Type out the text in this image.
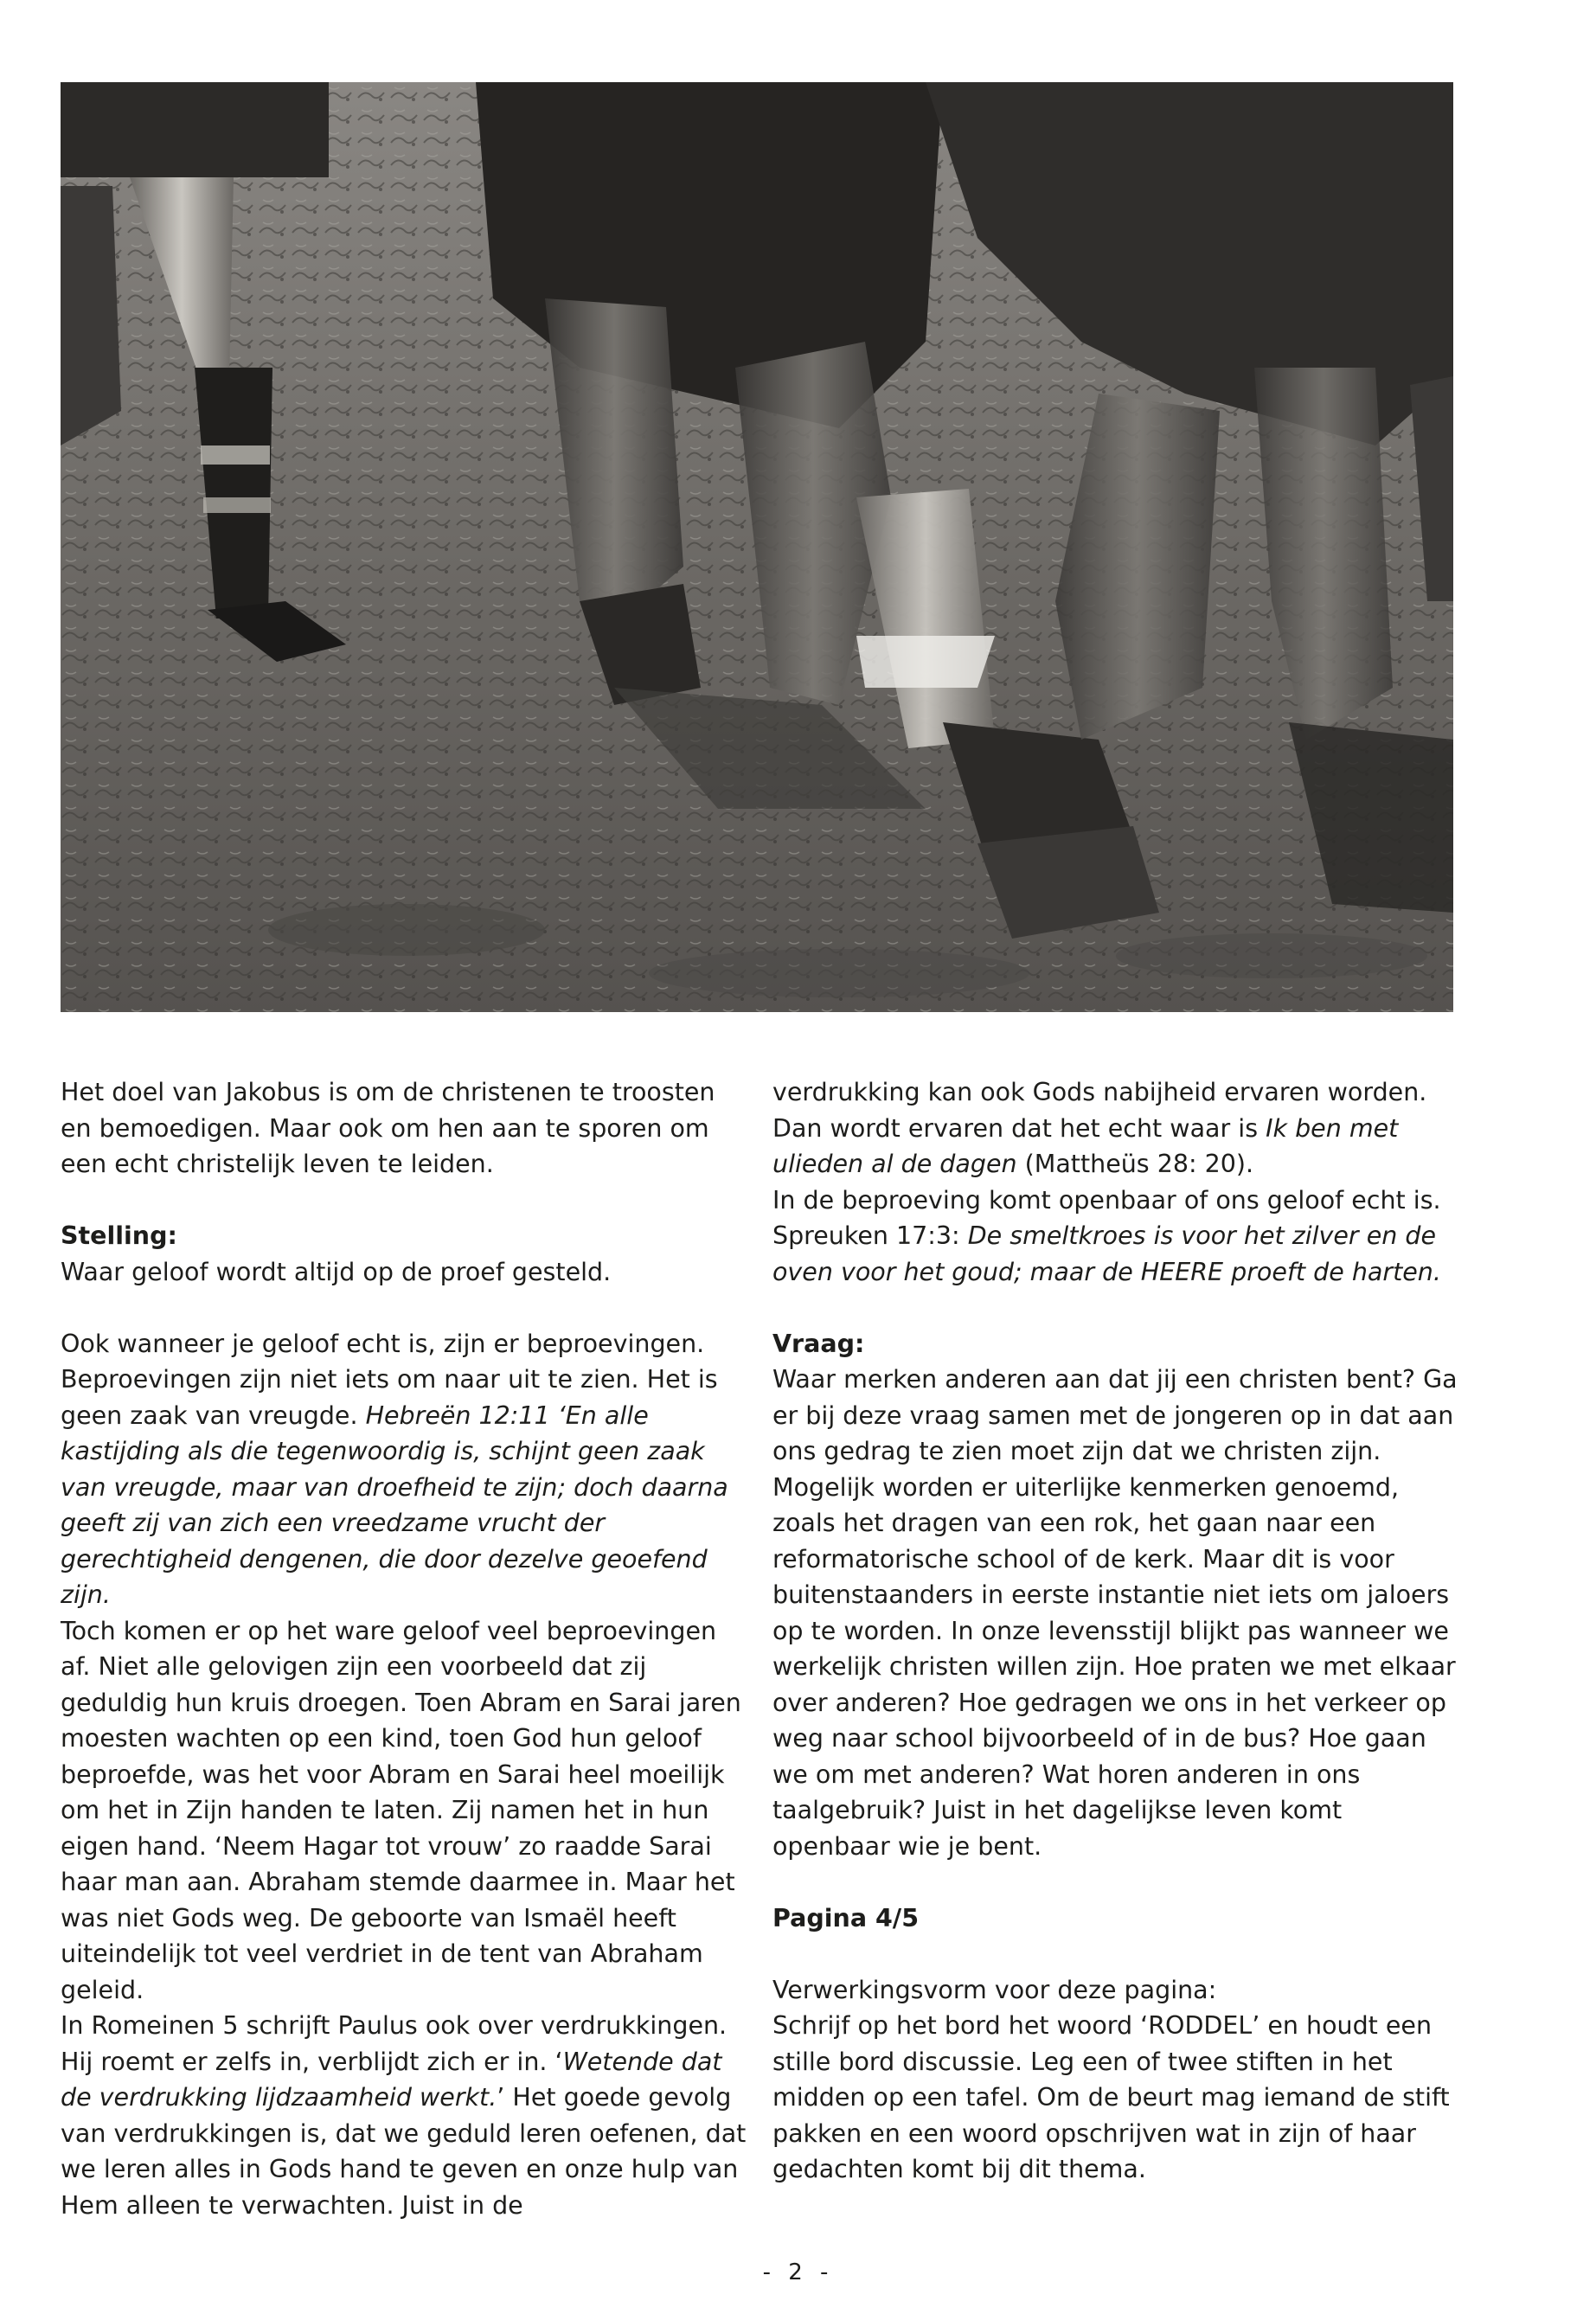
Het doel van Jakobus is om de christenen te troosten en bemoedigen. Maar ook om hen aan te sporen om een echt christelijk leven te leiden.

Stelling:

Waar geloof wordt altijd op de proef gesteld.

Ook wanneer je geloof echt is, zijn er beproevingen. Beproevingen zijn niet iets om naar uit te zien. Het is geen zaak van vreugde. Hebreën 12:11 ‘En alle kastijding als die tegenwoordig is, schijnt geen zaak van vreugde, maar van droefheid te zijn; doch daarna geeft zij van zich een vreedzame vrucht der gerechtigheid dengenen, die door dezelve geoefend zijn.

Toch komen er op het ware geloof veel beproevingen af. Niet alle gelovigen zijn een voorbeeld dat zij geduldig hun kruis droegen. Toen Abram en Sarai jaren moesten wachten op een kind, toen God hun geloof beproefde, was het voor Abram en Sarai heel moeilijk om het in Zijn handen te laten. Zij namen het in hun eigen hand. ‘Neem Hagar tot vrouw’ zo raadde Sarai haar man aan. Abraham stemde daarmee in. Maar het was niet Gods weg. De geboorte van Ismaël heeft uiteindelijk tot veel verdriet in de tent van Abraham geleid.

In Romeinen 5 schrijft Paulus ook over verdrukkingen. Hij roemt er zelfs in, verblijdt zich er in. ‘Wetende dat de verdrukking lijdzaamheid werkt.’ Het goede gevolg van verdrukkingen is, dat we geduld leren oefenen, dat we leren alles in Gods hand te geven en onze hulp van Hem alleen te verwachten. Juist in de

verdrukking kan ook Gods nabijheid ervaren worden. Dan wordt ervaren dat het echt waar is Ik ben met ulieden al de dagen (Mattheüs 28: 20).

In de beproeving komt openbaar of ons geloof echt is. Spreuken 17:3: De smeltkroes is voor het zilver en de oven voor het goud; maar de HEERE proeft de harten.

Vraag:

Waar merken anderen aan dat jij een christen bent? Ga er bij deze vraag samen met de jongeren op in dat aan ons gedrag te zien moet zijn dat we christen zijn. Mogelijk worden er uiterlijke kenmerken genoemd, zoals het dragen van een rok, het gaan naar een reformatorische school of de kerk. Maar dit is voor buitenstaanders in eerste instantie niet iets om jaloers op te worden. In onze levensstijl blijkt pas wanneer we werkelijk christen willen zijn. Hoe praten we met elkaar over anderen? Hoe gedragen we ons in het verkeer op weg naar school bijvoorbeeld of in de bus? Hoe gaan we om met anderen? Wat horen anderen in ons taalgebruik? Juist in het dagelijkse leven komt openbaar wie je bent.

Pagina 4/5

Verwerkingsvorm voor deze pagina:

Schrijf op het bord het woord ‘RODDEL’ en houdt een stille bord discussie. Leg een of twee stiften in het midden op een tafel. Om de beurt mag iemand de stift pakken en een woord opschrijven wat in zijn of haar gedachten komt bij dit thema.

- 2 -
